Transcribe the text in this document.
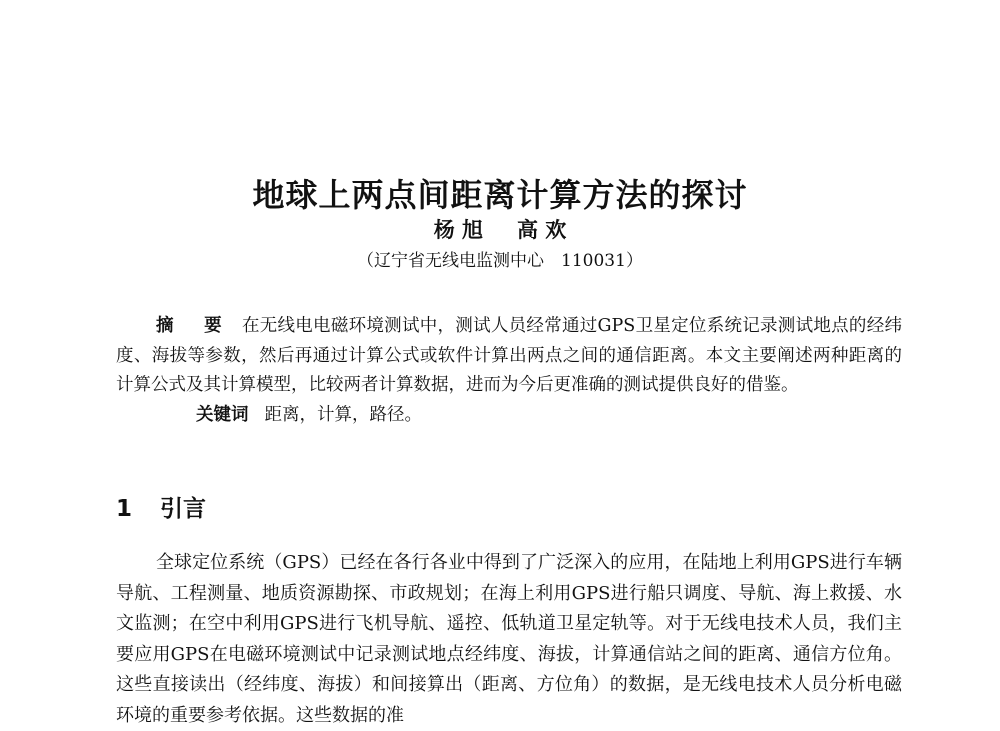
地球上两点间距离计算方法的探讨
杨 旭 高 欢
（辽宁省无线电监测中心　110031）

摘 要 在无线电电磁环境测试中，测试人员经常通过GPS卫星定位系统记录测试地点的经纬度、海拔等参数，然后再通过计算公式或软件计算出两点之间的通信距离。本文主要阐述两种距离的计算公式及其计算模型，比较两者计算数据，进而为今后更准确的测试提供良好的借鉴。

关键词 距离，计算，路径。

1 引言

全球定位系统（GPS）已经在各行各业中得到了广泛深入的应用，在陆地上利用GPS进行车辆导航、工程测量、地质资源勘探、市政规划；在海上利用GPS进行船只调度、导航、海上救援、水文监测；在空中利用GPS进行飞机导航、遥控、低轨道卫星定轨等。对于无线电技术人员，我们主要应用GPS在电磁环境测试中记录测试地点经纬度、海拔，计算通信站之间的距离、通信方位角。这些直接读出（经纬度、海拔）和间接算出（距离、方位角）的数据，是无线电技术人员分析电磁环境的重要参考依据。这些数据的准
